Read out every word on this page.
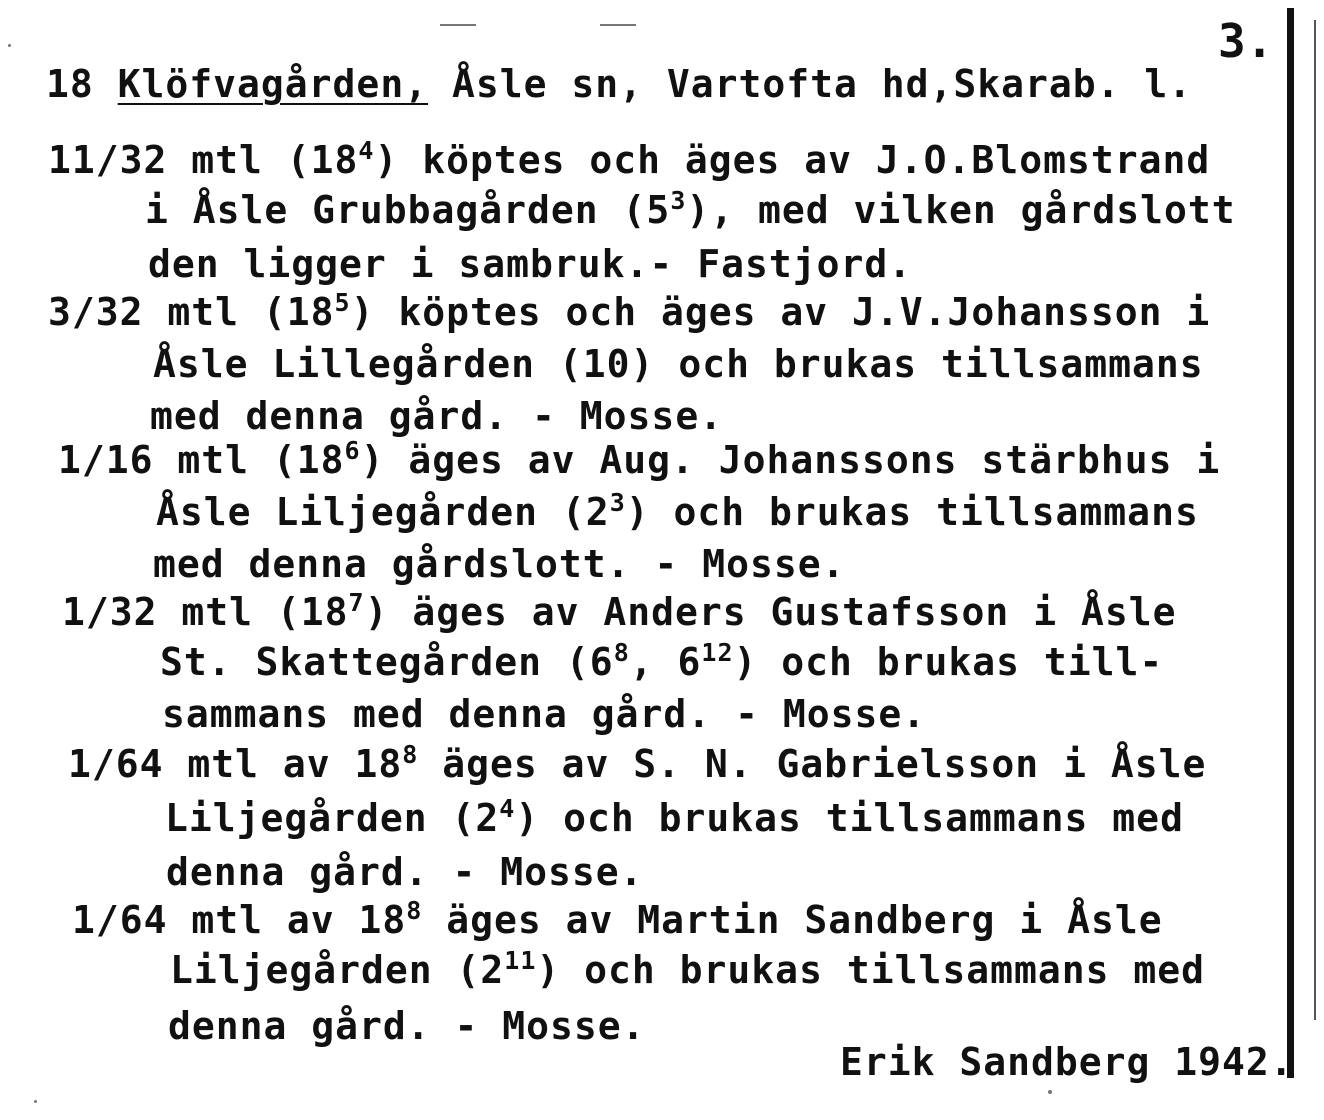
3.
18 Klöfvagården, Åsle sn, Vartofta hd,Skarab. l.
11/32 mtl $(18^4)$ köptes och äges av J.O.Blomstrand
i Åsle Grubbagården $(5^3)$, med vilken gårdslott
den ligger i sambruk.- Fastjord.
3/32 mtl $(18^5)$ köptes och äges av J.V.Johansson i
Åsle Lillegården (10) och brukas tillsammans
med denna gård. - Mosse.
1/16 mtl $(18^6)$ äges av Aug. Johanssons stärbhus i
Åsle Liljegården $(2^3)$ och brukas tillsammans
med denna gårdslott. - Mosse.
1/32 mtl $(18^7)$ äges av Anders Gustafsson i Åsle
St. Skattegården ($6^8$, $6^{12}$) och brukas till-
sammans med denna gård. - Mosse.
1/64 mtl av $18^8$ äges av S. N. Gabrielsson i Åsle
Liljegården $(2^4)$ och brukas tillsammans med
denna gård. - Mosse.
1/64 mtl av $18^8$ äges av Martin Sandberg i Åsle
Liljegården $(2^{11})$ och brukas tillsammans med
denna gård. - Mosse.
Erik Sandberg 1942.
